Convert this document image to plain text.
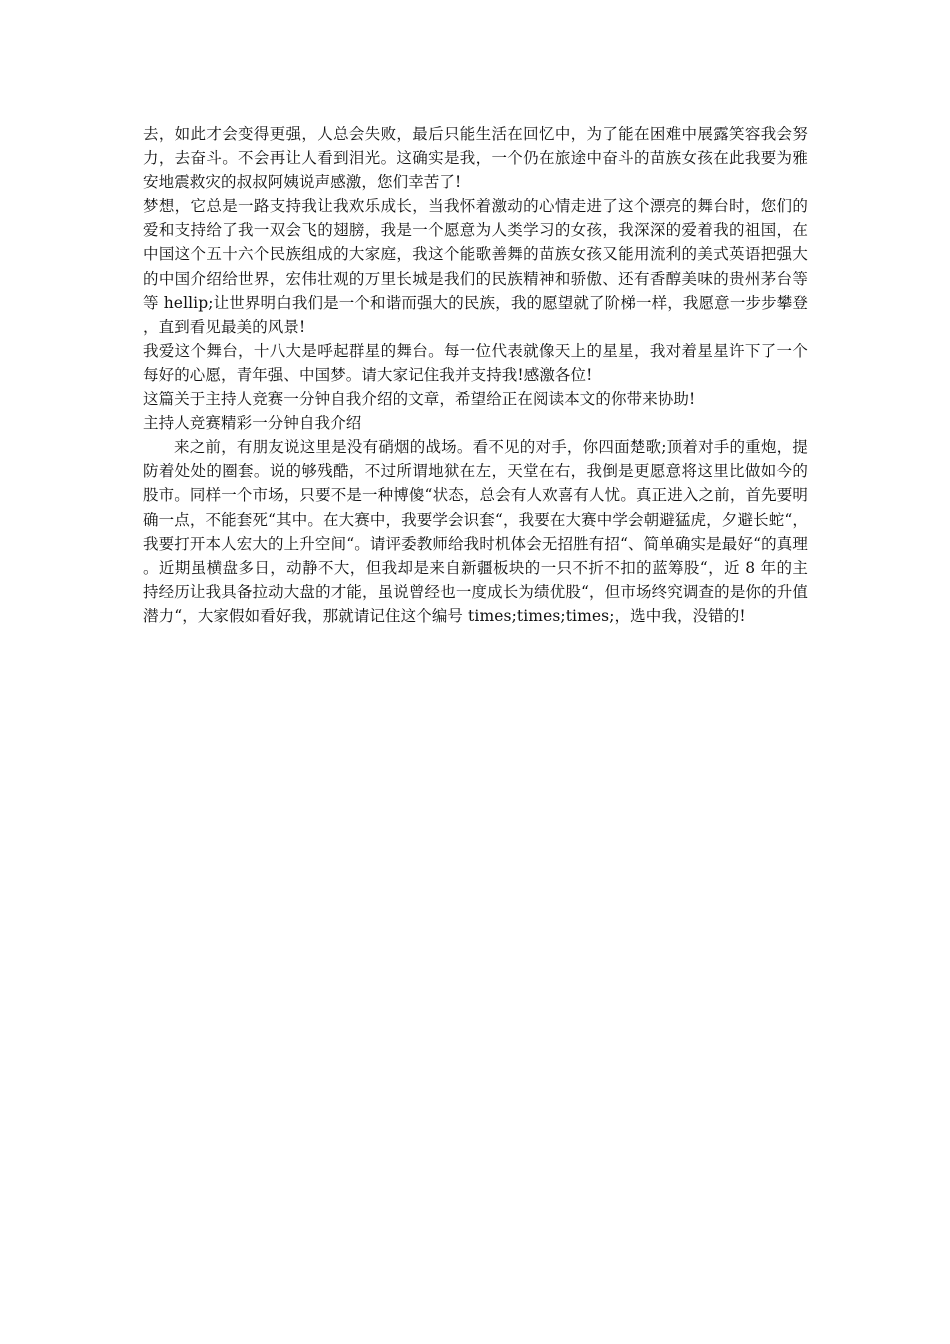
去，如此才会变得更强，人总会失败，最后只能生活在回忆中，为了能在困难中展露笑容我会努力，去奋斗。不会再让人看到泪光。这确实是我，一个仍在旅途中奋斗的苗族女孩在此我要为雅安地震救灾的叔叔阿姨说声感激，您们幸苦了!

梦想，它总是一路支持我让我欢乐成长，当我怀着激动的心情走进了这个漂亮的舞台时，您们的爱和支持给了我一双会飞的翅膀，我是一个愿意为人类学习的女孩，我深深的爱着我的祖国，在中国这个五十六个民族组成的大家庭，我这个能歌善舞的苗族女孩又能用流利的美式英语把强大的中国介绍给世界，宏伟壮观的万里长城是我们的民族精神和骄傲、还有香醇美味的贵州茅台等等 hellip;让世界明白我们是一个和谐而强大的民族，我的愿望就了阶梯一样，我愿意一步步攀登，直到看见最美的风景!

我爱这个舞台，十八大是呼起群星的舞台。每一位代表就像天上的星星，我对着星星许下了一个每好的心愿，青年强、中国梦。请大家记住我并支持我!感激各位!

这篇关于主持人竞赛一分钟自我介绍的文章，希望给正在阅读本文的你带来协助!

主持人竞赛精彩一分钟自我介绍

来之前，有朋友说这里是没有硝烟的战场。看不见的对手，你四面楚歌;顶着对手的重炮，提防着处处的圈套。说的够残酷，不过所谓地狱在左，天堂在右，我倒是更愿意将这里比做如今的股市。同样一个市场，只要不是一种博傻“状态，总会有人欢喜有人忧。真正进入之前，首先要明确一点，不能套死“其中。在大赛中，我要学会识套“，我要在大赛中学会朝避猛虎，夕避长蛇“，我要打开本人宏大的上升空间“。请评委教师给我时机体会无招胜有招“、简单确实是最好“的真理。近期虽横盘多日，动静不大，但我却是来自新疆板块的一只不折不扣的蓝筹股“，近 8 年的主持经历让我具备拉动大盘的才能，虽说曾经也一度成长为绩优股“，但市场终究调查的是你的升值潜力“，大家假如看好我，那就请记住这个编号 times;times;times;，选中我，没错的!
